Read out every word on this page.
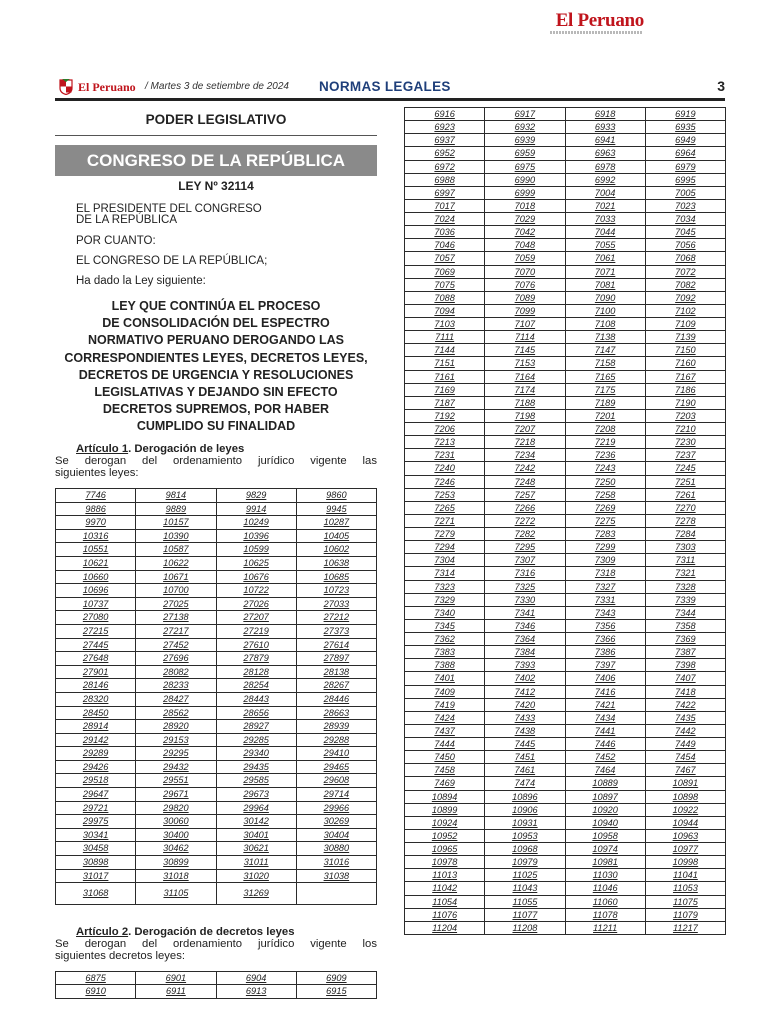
El Peruano
El Peruano / Martes 3 de setiembre de 2024 NORMAS LEGALES	3
PODER LEGISLATIVO
CONGRESO DE LA REPÚBLICA
LEY Nº 32114
EL PRESIDENTE DEL CONGRESO
DE LA REPÚBLICA
POR CUANTO:
EL CONGRESO DE LA REPÚBLICA;
Ha dado la Ley siguiente:
LEY QUE CONTINÚA EL PROCESO
DE CONSOLIDACIÓN DEL ESPECTRO
NORMATIVO PERUANO DEROGANDO LAS
CORRESPONDIENTES LEYES, DECRETOS LEYES,
DECRETOS DE URGENCIA Y RESOLUCIONES
LEGISLATIVAS Y DEJANDO SIN EFECTO
DECRETOS SUPREMOS, POR HABER
CUMPLIDO SU FINALIDAD
Artículo 1. Derogación de leyes
Se derogan del ordenamiento jurídico vigente las
siguientes leyes:
7746	9814	9829	9860
9886	9889	9914	9945
9970	10157	10249	10287
10316	10390	10396	10405
10551	10587	10599	10602
10621	10622	10625	10638
10660	10671	10676	10685
10696	10700	10722	10723
10737	27025	27026	27033
27080	27138	27207	27212
27215	27217	27219	27373
27445	27452	27610	27614
27648	27696	27879	27897
27901	28082	28128	28138
28146	28233	28254	28267
28320	28427	28443	28446
28450	28562	28656	28663
28914	28920	28927	28939
29142	29153	29285	29288
29289	29295	29340	29410
29426	29432	29435	29465
29518	29551	29585	29608
29647	29671	29673	29714
29721	29820	29964	29966
29975	30060	30142	30269
30341	30400	30401	30404
30458	30462	30621	30880
30898	30899	31011	31016
31017	31018	31020	31038
31068	31105	31269	
Artículo 2. Derogación de decretos leyes
Se derogan del ordenamiento jurídico vigente los
siguientes decretos leyes:
6875	6901	6904	6909
6910	6911	6913	6915
6916	6917	6918	6919
6923	6932	6933	6935
6937	6939	6941	6949
6952	6959	6963	6964
6972	6975	6978	6979
6988	6990	6992	6995
6997	6999	7004	7005
7017	7018	7021	7023
7024	7029	7033	7034
7036	7042	7044	7045
7046	7048	7055	7056
7057	7059	7061	7068
7069	7070	7071	7072
7075	7076	7081	7082
7088	7089	7090	7092
7094	7099	7100	7102
7103	7107	7108	7109
7111	7114	7138	7139
7144	7145	7147	7150
7151	7153	7158	7160
7161	7164	7165	7167
7169	7174	7175	7186
7187	7188	7189	7190
7192	7198	7201	7203
7206	7207	7208	7210
7213	7218	7219	7230
7231	7234	7236	7237
7240	7242	7243	7245
7246	7248	7250	7251
7253	7257	7258	7261
7265	7266	7269	7270
7271	7272	7275	7278
7279	7282	7283	7284
7294	7295	7299	7303
7304	7307	7309	7311
7314	7316	7318	7321
7323	7325	7327	7328
7329	7330	7331	7339
7340	7341	7343	7344
7345	7346	7356	7358
7362	7364	7366	7369
7383	7384	7386	7387
7388	7393	7397	7398
7401	7402	7406	7407
7409	7412	7416	7418
7419	7420	7421	7422
7424	7433	7434	7435
7437	7438	7441	7442
7444	7445	7446	7449
7450	7451	7452	7454
7458	7461	7464	7467
7469	7474	10889	10891
10894	10896	10897	10898
10899	10906	10920	10922
10924	10931	10940	10944
10952	10953	10958	10963
10965	10968	10974	10977
10978	10979	10981	10998
11013	11025	11030	11041
11042	11043	11046	11053
11054	11055	11060	11075
11076	11077	11078	11079
11204	11208	11211	11217
